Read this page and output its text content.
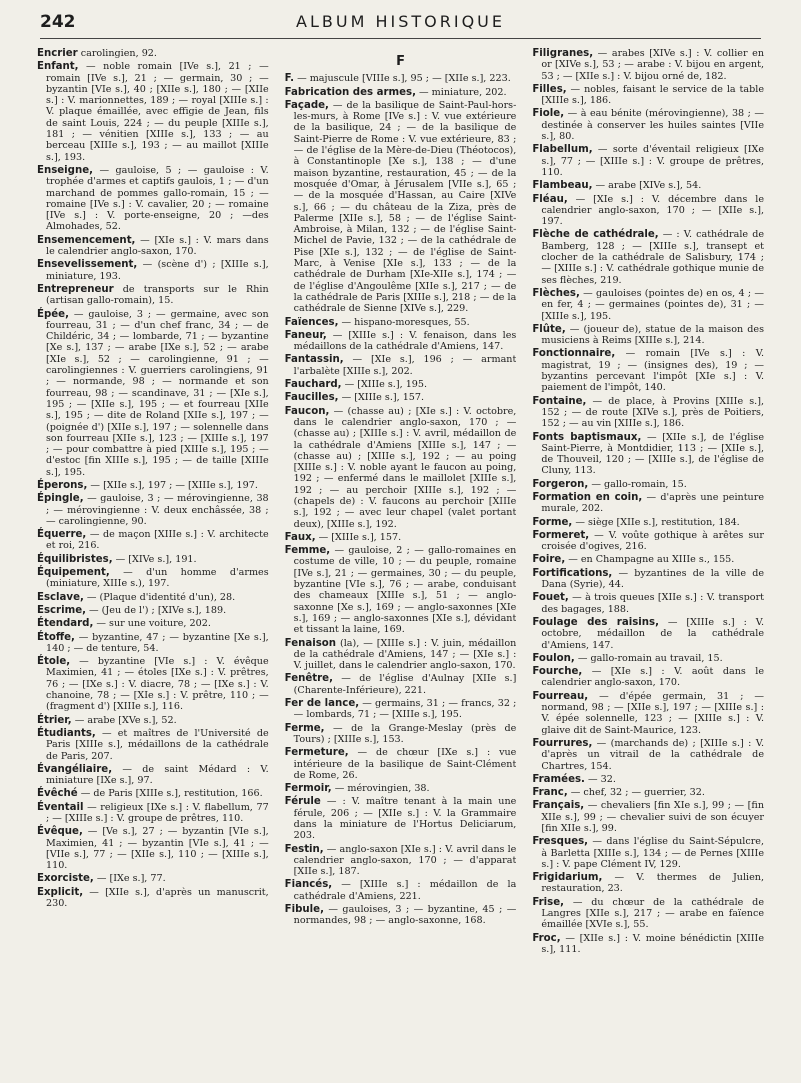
242	ALBUM HISTORIQUE
Encrier carolingien, 92.
Enfant, — noble romain [IVe s.], 21 ; — romain [IVe s.], 21 ; — germain, 30 ; — byzantin [VIe s.], 40 ; [XIIe s.], 180 ; — [XIIe s.] : V. marionnettes, 189 ; — royal [XIIIe s.] : V. plaque émaillée, avec effigie de Jean, fils de saint Louis, 224 ; — du peuple [XIIIe s.], 181 ; — vénitien [XIIIe s.], 133 ; — au berceau [XIIIe s.], 193 ; — au maillot [XIIIe s.], 193.
Enseigne, — gauloise, 5 ; — gauloise : V. trophée d'armes et captifs gaulois, 1 ; — d'un marchand de pommes gallo-romain, 15 ; — romaine [IVe s.] : V. cavalier, 20 ; — romaine [IVe s.] : V. porte-enseigne, 20 ; —des Almohades, 52.
Ensemencement, — [XIe s.] : V. mars dans le calendrier anglo-saxon, 170.
Ensevelissement, — (scène d') ; [XIIIe s.], miniature, 193.
Entrepreneur de transports sur le Rhin (artisan gallo-romain), 15.
Épée, — gauloise, 3 ; — germaine, avec son fourreau, 31 ; — d'un chef franc, 34 ; — de Childéric, 34 ; — lombarde, 71 ; — byzantine [Xe s.], 137 ; — arabe [IXe s.], 52 ; — arabe [XIe s.], 52 ; — carolingienne, 91 ; — carolingiennes : V. guerriers carolingiens, 91 ; — normande, 98 ; — normande et son fourreau, 98 ; — scandinave, 31 ; — [XIe s.], 195 ; — [XIIe s.], 195 ; — et fourreau [XIIe s.], 195 ; — dite de Roland [XIIe s.], 197 ; — (poignée d') [XIIe s.], 197 ; — solennelle dans son fourreau [XIIe s.], 123 ; — [XIIIe s.], 197 ; — pour combattre à pied [XIIIe s.], 195 ; — d'estoc [fin XIIIe s.], 195 ; — de taille [XIIIe s.], 195.
Éperons, — [XIIe s.], 197 ; — [XIIIe s.], 197.
Épingle, — gauloise, 3 ; — mérovingienne, 38 ; — mérovingienne : V. deux enchâssée, 38 ; — carolingienne, 90.
Équerre, — de maçon [XIIIe s.] : V. architecte et roi, 216.
Équilibristes, — [XIVe s.], 191.
Équipement, — d'un homme d'armes (miniature, XIIIe s.), 197.
Esclave, — (Plaque d'identité d'un), 28.
Escrime, — (Jeu de l') ; [XIVe s.], 189.
Étendard, — sur une voiture, 202.
Étoffe, — byzantine, 47 ; — byzantine [Xe s.], 140 ; — de tenture, 54.
Étole, — byzantine [VIe s.] : V. évêque Maximien, 41 ; — étoles [IXe s.] : V. prêtres, 76 ; — [IXe s.] : V. diacre, 78 ; — [IXe s.] : V. chanoine, 78 ; — [XIe s.] : V. prêtre, 110 ; — (fragment d') [XIIIe s.], 116.
Étrier, — arabe [XVe s.], 52.
Étudiants, — et maîtres de l'Université de Paris [XIIIe s.], médaillons de la cathédrale de Paris, 207.
Évangéliaire, — de saint Médard : V. miniature [IXe s.], 97.
Évêché — de Paris [XIIIe s.], restitution, 166.
Éventail — religieux [IXe s.] : V. flabellum, 77 ; — [XIIIe s.] : V. groupe de prêtres, 110.
Évêque, — [Ve s.], 27 ; — byzantin [VIe s.], Maximien, 41 ; — byzantin [VIe s.], 41 ; — [VIIe s.], 77 ; — [XIIe s.], 110 ; — [XIIIe s.], 110.
Exorciste, — [IXe s.], 77.
Explicit, — [XIIe s.], d'après un manuscrit, 230.
F
F. — majuscule [VIIIe s.], 95 ; — [XIIe s.], 223.
Fabrication des armes, — miniature, 202.
Façade, — de la basilique de Saint-Paul-hors-les-murs, à Rome [IVe s.] : V. vue extérieure de la basilique, 24 ; — de la basilique de Saint-Pierre de Rome : V. vue extérieure, 83 ; — de l'église de la Mère-de-Dieu (Théotocos), à Constantinople [Xe s.], 138 ; — d'une maison byzantine, restauration, 45 ; — de la mosquée d'Omar, à Jérusalem [VIIe s.], 65 ; — de la mosquée d'Hassan, au Caire [XIVe s.], 66 ; — du château de la Ziza, près de Palerme [XIIe s.], 58 ; — de l'église Saint-Ambroise, à Milan, 132 ; — de l'église Saint-Michel de Pavie, 132 ; — de la cathédrale de Pise [XIe s.], 132 ; — de l'église de Saint-Marc, à Venise [XIe s.], 133 ; — de la cathédrale de Durham [XIe-XIIe s.], 174 ; — de l'église d'Angoulême [XIIe s.], 217 ; — de la cathédrale de Paris [XIIIe s.], 218 ; — de la cathédrale de Sienne [XIVe s.], 229.
Faïences, — hispano-moresques, 55.
Faneur, — [XIIIe s.] : V. fenaison, dans les médaillons de la cathédrale d'Amiens, 147.
Fantassin, — [XIe s.], 196 ; — armant l'arbalète [XIIIe s.], 202.
Fauchard, — [XIIIe s.], 195.
Faucilles, — [XIIIe s.], 157.
Faucon, — (chasse au) ; [XIe s.] : V. octobre, dans le calendrier anglo-saxon, 170 ; — (chasse au) ; [XIIIe s.] : V. avril, médaillon de la cathédrale d'Amiens [XIIIe s.], 147 ; — (chasse au) ; [XIIIe s.], 192 ; — au poing [XIIIe s.] : V. noble ayant le faucon au poing, 192 ; — enfermé dans le maillolet [XIIIe s.], 192 ; — au perchoir [XIIIe s.], 192 ; — (chapels de) : V. faucons au perchoir [XIIIe s.], 192 ; — avec leur chapel (valet portant deux), [XIIIe s.], 192.
Faux, — [XIIIe s.], 157.
Femme, — gauloise, 2 ; — gallo-romaines en costume de ville, 10 ; — du peuple, romaine [IVe s.], 21 ; — germaines, 30 ; — du peuple, byzantine [VIe s.], 76 ; — arabe, conduisant des chameaux [XIIIe s.], 51 ; — anglo-saxonne [Xe s.], 169 ; — anglo-saxonnes [XIe s.], 169 ; — anglo-saxonnes [XIe s.], dévidant et tissant la laine, 169.
Fenaison (la), — [XIIIe s.] : V. juin, médaillon de la cathédrale d'Amiens, 147 ; — [XIe s.] : V. juillet, dans le calendrier anglo-saxon, 170.
Fenêtre, — de l'église d'Aulnay [XIIe s.] (Charente-Inférieure), 221.
Fer de lance, — germains, 31 ; — francs, 32 ; — lombards, 71 ; — [XIIIe s.], 195.
Ferme, — de la Grange-Meslay (près de Tours) ; [XIIIe s.], 153.
Fermeture, — de chœur [IXe s.] : vue intérieure de la basilique de Saint-Clément de Rome, 26.
Fermoir, — mérovingien, 38.
Férule — : V. maître tenant à la main une férule, 206 ; — [XIIe s.] : V. la Grammaire dans la miniature de l'Hortus Deliciarum, 203.
Festin, — anglo-saxon [XIe s.] : V. avril dans le calendrier anglo-saxon, 170 ; — d'apparat [XIIe s.], 187.
Fiancés, — [XIIIe s.] : médaillon de la cathédrale d'Amiens, 221.
Fibule, — gauloises, 3 ; — byzantine, 45 ; — normandes, 98 ; — anglo-saxonne, 168.
Filigranes, — arabes [XIVe s.] : V. collier en or [XIVe s.], 53 ; — arabe : V. bijou en argent, 53 ; — [XIIe s.] : V. bijou orné de, 182.
Filles, — nobles, faisant le service de la table [XIIIe s.], 186.
Fiole, — à eau bénite (mérovingienne), 38 ; — destinée à conserver les huiles saintes [VIIe s.], 80.
Flabellum, — sorte d'éventail religieux [IXe s.], 77 ; — [XIIIe s.] : V. groupe de prêtres, 110.
Flambeau, — arabe [XIVe s.], 54.
Fléau, — [XIe s.] : V. décembre dans le calendrier anglo-saxon, 170 ; — [XIIe s.], 197.
Flèche de cathédrale, — : V. cathédrale de Bamberg, 128 ; — [XIIIe s.], transept et clocher de la cathédrale de Salisbury, 174 ; — [XIIIe s.] : V. cathédrale gothique munie de ses flèches, 219.
Flèches, — gauloises (pointes de) en os, 4 ; — en fer, 4 ; — germaines (pointes de), 31 ; — [XIIIe s.], 195.
Flûte, — (joueur de), statue de la maison des musiciens à Reims [XIIIe s.], 214.
Fonctionnaire, — romain [IVe s.] : V. magistrat, 19 ; — (insignes des), 19 ; — byzantins percevant l'impôt [XIe s.] : V. paiement de l'impôt, 140.
Fontaine, — de place, à Provins [XIIIe s.], 152 ; — de route [XIVe s.], près de Poitiers, 152 ; — au vin [XIIIe s.], 186.
Fonts baptismaux, — [XIIe s.], de l'église Saint-Pierre, à Montdidier, 113 ; — [XIIe s.], de Thouveil, 120 ; — [XIIIe s.], de l'église de Cluny, 113.
Forgeron, — gallo-romain, 15.
Formation en coin, — d'après une peinture murale, 202.
Forme, — siège [XIIe s.], restitution, 184.
Formeret, — V. voûte gothique à arêtes sur croisée d'ogives, 216.
Foire, — en Champagne au XIIIe s., 155.
Fortifications, — byzantines de la ville de Dana (Syrie), 44.
Fouet, — à trois queues [XIIe s.] : V. transport des bagages, 188.
Foulage des raisins, — [XIIIe s.] : V. octobre, médaillon de la cathédrale d'Amiens, 147.
Foulon, — gallo-romain au travail, 15.
Fourche, — [XIe s.] : V. août dans le calendrier anglo-saxon, 170.
Fourreau, — d'épée germain, 31 ; — normand, 98 ; — [XIIe s.], 197 ; — [XIIIe s.] : V. épée solennelle, 123 ; — [XIIIe s.] : V. glaive dit de Saint-Maurice, 123.
Fourrures, — (marchands de) ; [XIIIe s.] : V. d'après un vitrail de la cathédrale de Chartres, 154.
Framées. — 32.
Franc, — chef, 32 ; — guerrier, 32.
Français, — chevaliers [fin XIe s.], 99 ; — [fin XIIe s.], 99 ; — chevalier suivi de son écuyer [fin XIIe s.], 99.
Fresques, — dans l'église du Saint-Sépulcre, à Barletta [XIIIe s.], 134 ; — de Pernes [XIIIe s.] : V. pape Clément IV, 129.
Frigidarium, — V. thermes de Julien, restauration, 23.
Frise, — du chœur de la cathédrale de Langres [XIIe s.], 217 ; — arabe en faïence émaillée [XVIe s.], 55.
Froc, — [XIIe s.] : V. moine bénédictin [XIIIe s.], 111.
